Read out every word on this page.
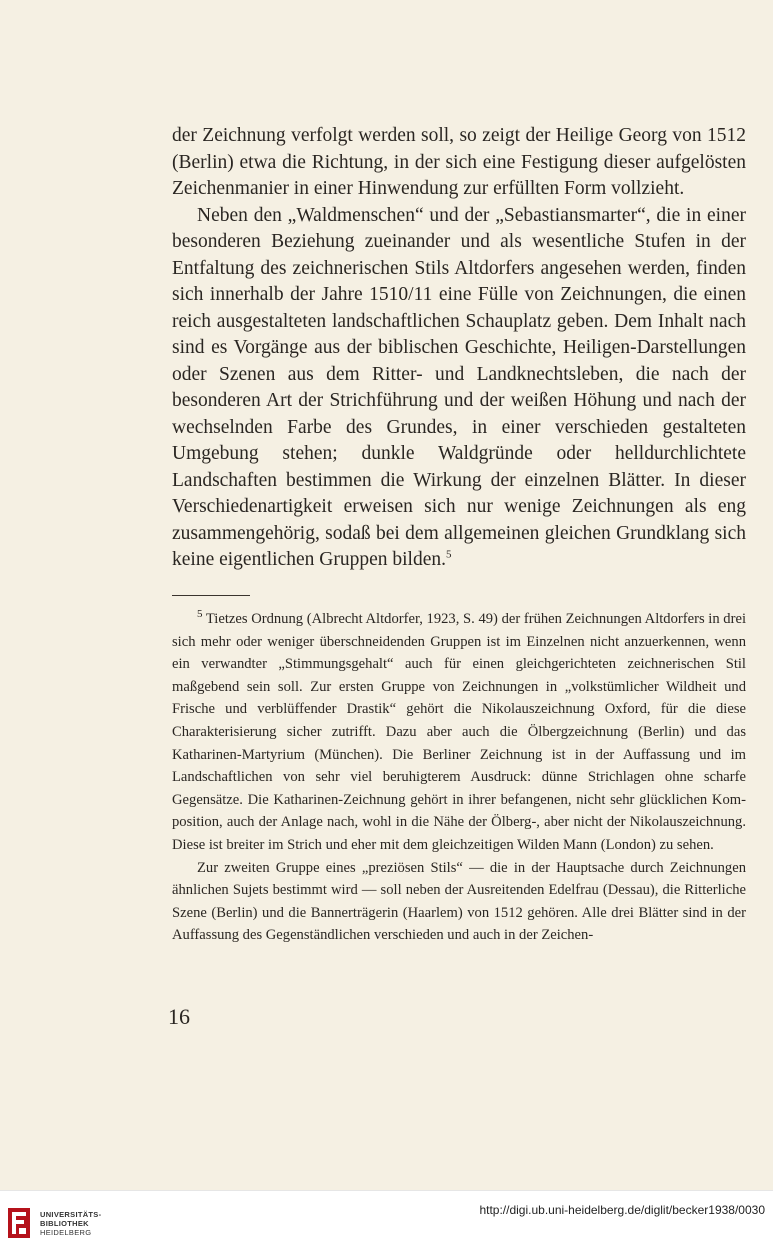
der Zeichnung verfolgt werden soll, so zeigt der Heilige Georg von 1512 (Berlin) etwa die Richtung, in der sich eine Festigung dieser aufgelösten Zeichenmanier in einer Hinwendung zur erfüllten Form vollzieht.

Neben den „Waldmenschen“ und der „Sebastiansmarter“, die in einer besonderen Beziehung zueinander und als wesentliche Stufen in der Entfaltung des zeichnerischen Stils Altdorfers angesehen werden, finden sich innerhalb der Jahre 1510/11 eine Fülle von Zeichnungen, die einen reich ausgestalteten landschaftlichen Schauplatz geben. Dem Inhalt nach sind es Vorgänge aus der biblischen Geschichte, Heiligen-Darstellungen oder Szenen aus dem Ritter- und Landknechtsleben, die nach der besonderen Art der Strichführung und der weißen Höhung und nach der wechselnden Farbe des Grundes, in einer verschieden gestalteten Umgebung stehen; dunkle Waldgründe oder helldurchlichtete Landschaften bestimmen die Wirkung der einzelnen Blätter. In dieser Verschiedenartigkeit erweisen sich nur wenige Zeichnungen als eng zusammengehörig, sodaß bei dem allgemeinen gleichen Grundklang sich keine eigentlichen Gruppen bilden.$^5$

$^5$ Tietzes Ordnung (Albrecht Altdorfer, 1923, S. 49) der frühen Zeichnungen Altdorfers in drei sich mehr oder weniger überschneidenden Gruppen ist im Einzelnen nicht anzuerkennen, wenn ein verwandter „Stimmungsgehalt“ auch für einen gleichgerichteten zeichnerischen Stil maßgebend sein soll. Zur ersten Gruppe von Zeichnungen in „volkstümlicher Wildheit und Frische und verblüffender Drastik“ gehört die Nikolauszeichnung Oxford, für die diese Charakterisierung sicher zutrifft. Dazu aber auch die Ölbergzeichnung (Berlin) und das Katharinen-Martyrium (München). Die Berliner Zeichnung ist in der Auffassung und im Landschaftlichen von sehr viel beruhigterem Ausdruck: dünne Strichlagen ohne scharfe Gegensätze. Die Katharinen-Zeichnung gehört in ihrer befangenen, nicht sehr glücklichen Komposition, auch der Anlage nach, wohl in die Nähe der Ölberg-, aber nicht der Nikolauszeichnung. Diese ist breiter im Strich und eher mit dem gleichzeitigen Wilden Mann (London) zu sehen.

Zur zweiten Gruppe eines „preziösen Stils“ — die in der Hauptsache durch Zeichnungen ähnlichen Sujets bestimmt wird — soll neben der Ausreitenden Edelfrau (Dessau), die Ritterliche Szene (Berlin) und die Bannerträgerin (Haarlem) von 1512 gehören. Alle drei Blätter sind in der Auffassung des Gegenständlichen verschieden und auch in der Zeichen-

16
UNIVERSITÄTS-
BIBLIOTHEK
HEIDELBERG
http://digi.ub.uni-heidelberg.de/diglit/becker1938/0030
